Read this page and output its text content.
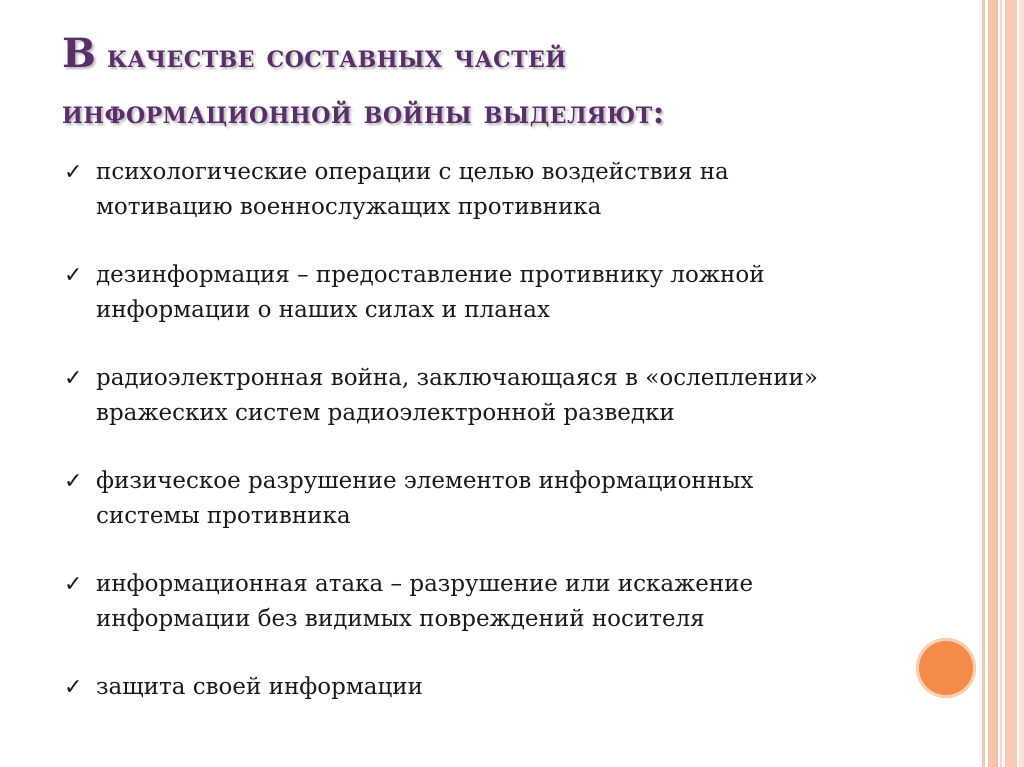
В качестве составных частей
информационной войны выделяют:
✓ психологические операции с целью воздействия на
мотивацию военнослужащих противника
✓ дезинформация – предоставление противнику ложной
информации о наших силах и планах
✓ радиоэлектронная война, заключающаяся в «ослеплении»
вражеских систем радиоэлектронной разведки
✓ физическое разрушение элементов информационных
системы противника
✓ информационная атака – разрушение или искажение
информации без видимых повреждений носителя
✓ защита своей информации
